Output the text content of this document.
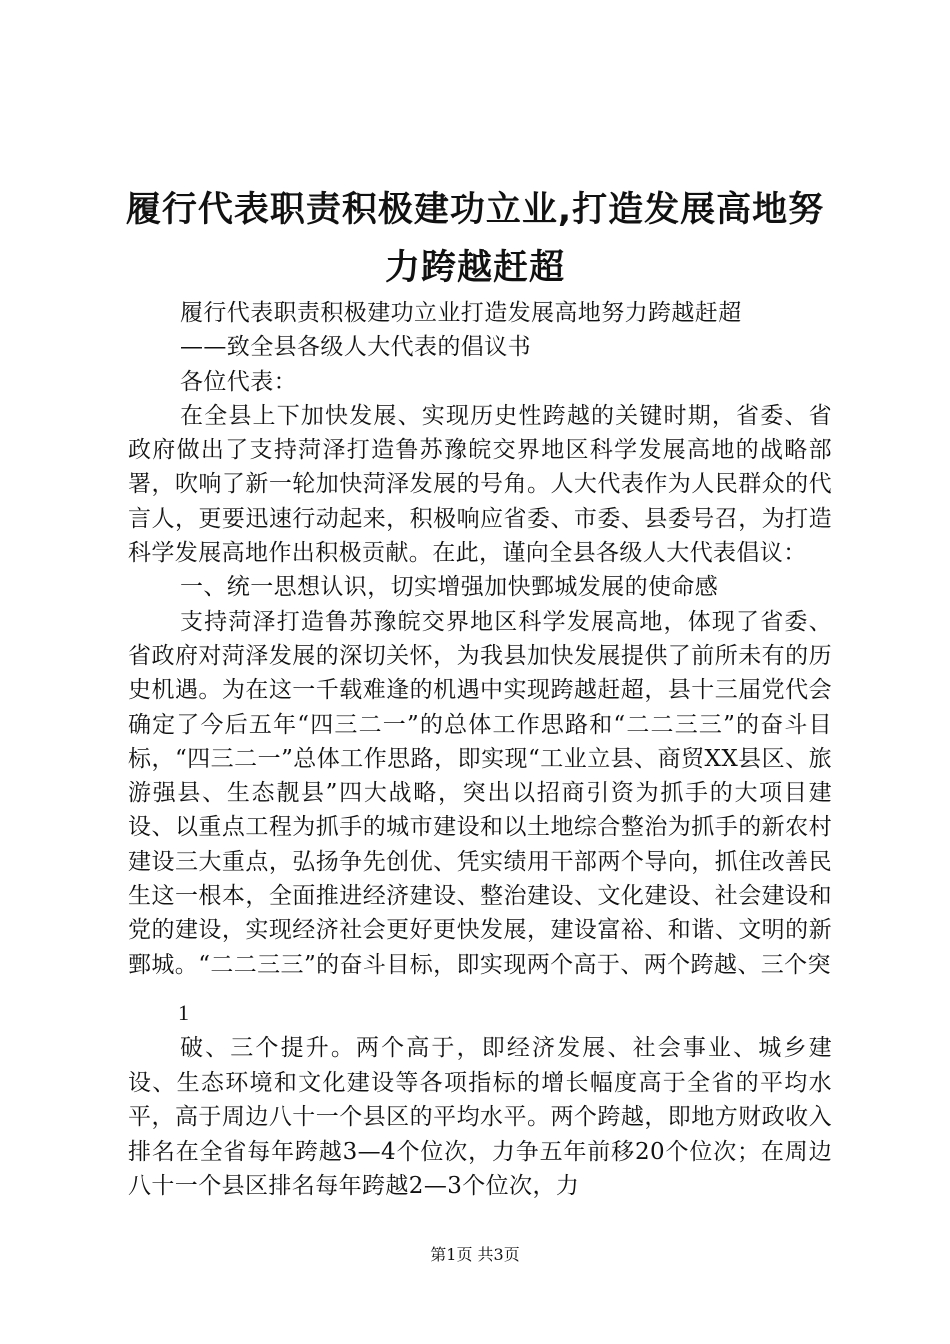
履行代表职责积极建功立业,打造发展高地努
力跨越赶超

履行代表职责积极建功立业打造发展高地努力跨越赶超

——致全县各级人大代表的倡议书

各位代表：

在全县上下加快发展、实现历史性跨越的关键时期，省委、省政府做出了支持菏泽打造鲁苏豫皖交界地区科学发展高地的战略部署，吹响了新一轮加快菏泽发展的号角。人大代表作为人民群众的代言人，更要迅速行动起来，积极响应省委、市委、县委号召，为打造科学发展高地作出积极贡献。在此，谨向全县各级人大代表倡议：

一、统一思想认识，切实增强加快鄄城发展的使命感

支持菏泽打造鲁苏豫皖交界地区科学发展高地，体现了省委、省政府对菏泽发展的深切关怀，为我县加快发展提供了前所未有的历史机遇。为在这一千载难逢的机遇中实现跨越赶超，县十三届党代会确定了今后五年“四三二一”的总体工作思路和“二二三三”的奋斗目标，“四三二一”总体工作思路，即实现“工业立县、商贸XX县区、旅游强县、生态靓县”四大战略，突出以招商引资为抓手的大项目建设、以重点工程为抓手的城市建设和以土地综合整治为抓手的新农村建设三大重点，弘扬争先创优、凭实绩用干部两个导向，抓住改善民生这一根本，全面推进经济建设、整治建设、文化建设、社会建设和党的建设，实现经济社会更好更快发展，建设富裕、和谐、文明的新鄄城。“二二三三”的奋斗目标，即实现两个高于、两个跨越、三个突

1

破、三个提升。两个高于，即经济发展、社会事业、城乡建设、生态环境和文化建设等各项指标的增长幅度高于全省的平均水平，高于周边八十一个县区的平均水平。两个跨越，即地方财政收入排名在全省每年跨越3—4个位次，力争五年前移20个位次；在周边八十一个县区排名每年跨越2—3个位次，力

第1页 共3页
